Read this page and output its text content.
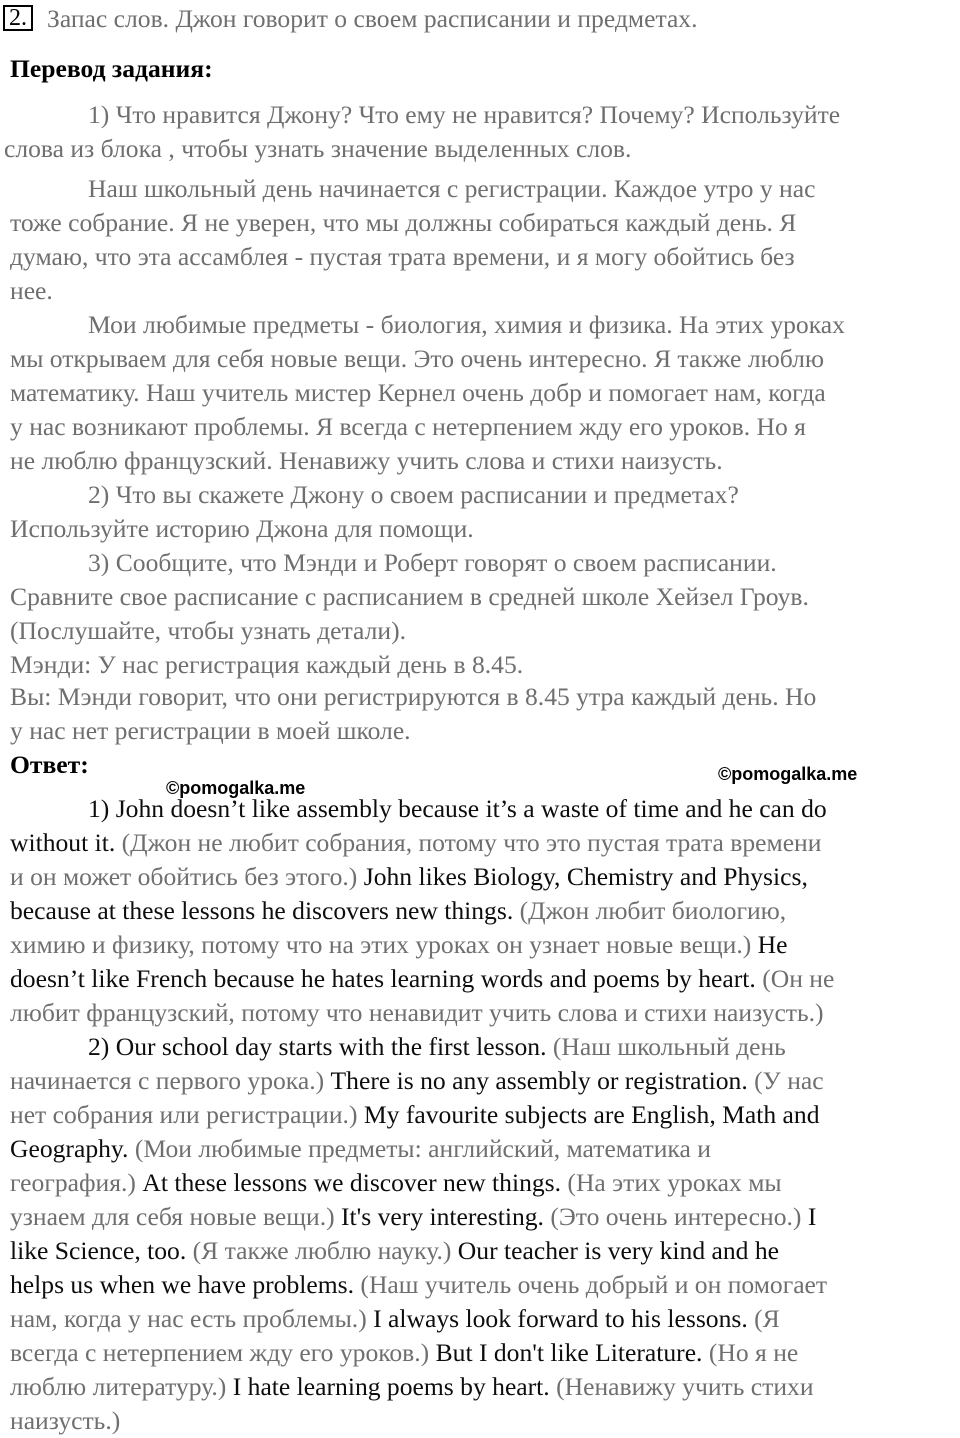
2. Запас слов. Джон говорит о своем расписании и предметах.
Перевод задания:
1) Что нравится Джону? Что ему не нравится? Почему? Используйте
слова из блока , чтобы узнать значение выделенных слов.
Наш школьный день начинается с регистрации. Каждое утро у нас
тоже собрание. Я не уверен, что мы должны собираться каждый день. Я
думаю, что эта ассамблея - пустая трата времени, и я могу обойтись без
нее.
Мои любимые предметы - биология, химия и физика. На этих уроках
мы открываем для себя новые вещи. Это очень интересно. Я также люблю
математику. Наш учитель мистер Кернел очень добр и помогает нам, когда
у нас возникают проблемы. Я всегда с нетерпением жду его уроков. Но я
не люблю французский. Ненавижу учить слова и стихи наизусть.
2) Что вы скажете Джону о своем расписании и предметах?
Используйте историю Джона для помощи.
3) Сообщите, что Мэнди и Роберт говорят о своем расписании.
Сравните свое расписание с расписанием в средней школе Хейзел Гроув.
(Послушайте, чтобы узнать детали).
Мэнди: У нас регистрация каждый день в 8.45.
Вы: Мэнди говорит, что они регистрируются в 8.45 утра каждый день. Но
у нас нет регистрации в моей школе.
Ответ:
©pomogalka.me
©pomogalka.me
1) John doesn’t like assembly because it’s a waste of time and he can do
without it. (Джон не любит собрания, потому что это пустая трата времени
и он может обойтись без этого.) John likes Biology, Chemistry and Physics,
because at these lessons he discovers new things. (Джон любит биологию,
химию и физику, потому что на этих уроках он узнает новые вещи.) He
doesn’t like French because he hates learning words and poems by heart. (Он не
любит французский, потому что ненавидит учить слова и стихи наизусть.)
2) Our school day starts with the first lesson. (Наш школьный день
начинается с первого урока.) There is no any assembly or registration. (У нас
нет собрания или регистрации.) My favourite subjects are English, Math and
Geography. (Мои любимые предметы: английский, математика и
география.) At these lessons we discover new things. (На этих уроках мы
узнаем для себя новые вещи.) It's very interesting. (Это очень интересно.) I
like Science, too. (Я также люблю науку.) Our teacher is very kind and he
helps us when we have problems. (Наш учитель очень добрый и он помогает
нам, когда у нас есть проблемы.) I always look forward to his lessons. (Я
всегда с нетерпением жду его уроков.) But I don't like Literature. (Но я не
люблю литературу.) I hate learning poems by heart. (Ненавижу учить стихи
наизусть.)
